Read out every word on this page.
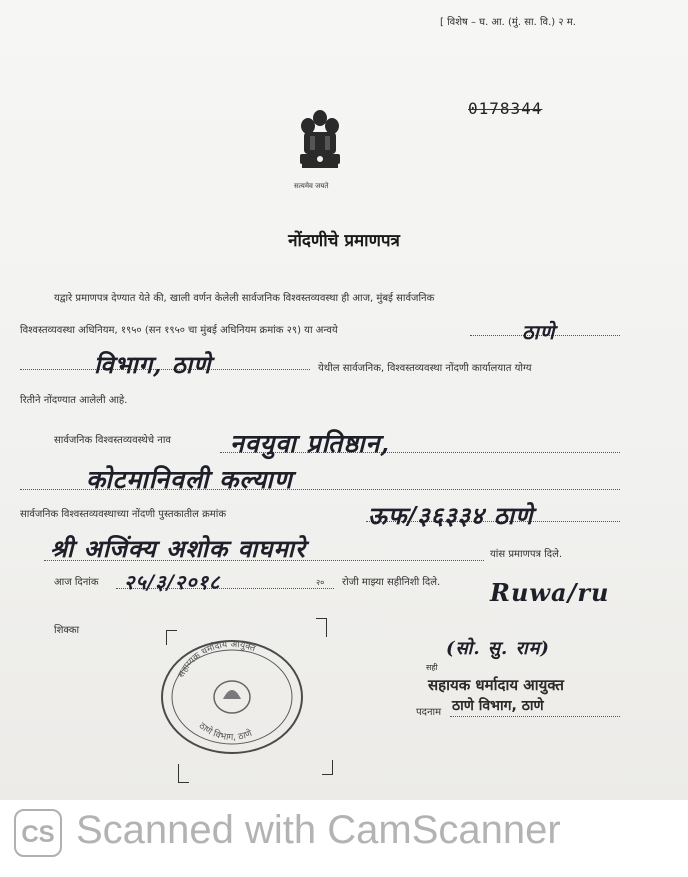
[ विशेष – घ. आ. (मुं. सा. वि.) २ म.
0178344
सत्यमेव जयते
नोंदणीचे प्रमाणपत्र
यद्वारे प्रमाणपत्र देण्यात येते की, खाली वर्णन केलेली सार्वजनिक विश्वस्तव्यवस्था ही आज, मुंबई सार्वजनिक
विश्वस्तव्यवस्था अधिनियम, १९५० (सन १९५० चा मुंबई अधिनियम क्रमांक २९) या अन्वये	ठाणे
विभाग, ठाणे	येथील सार्वजनिक, विश्वस्तव्यवस्था नोंदणी कार्यालयात योग्य
रितीने नोंदण्यात आलेली आहे.
सार्वजनिक विश्वस्तव्यवस्थेचे नाव नवयुवा प्रतिष्ठान,
कोटमानिवली कल्याण
सार्वजनिक विश्वस्तव्यवस्थाच्या नोंदणी पुस्तकातील क्रमांक	ऊफ/३६३३४ ठाणे
श्री अजिंक्य अशोक वाघमारे	यांस प्रमाणपत्र दिले.
आज दिनांक २५/३/२०१८	२० रोजी माझ्या सहीनिशी दिले. Ruwa/ru
शिक्का
सहाय्यक धर्मादाय आयुक्त
ठाणे विभाग, ठाणे
(सो. सु. राम)
सही
सहायक धर्मादाय आयुक्त
पदनाम ठाणे विभाग, ठाणे
CS Scanned with CamScanner
